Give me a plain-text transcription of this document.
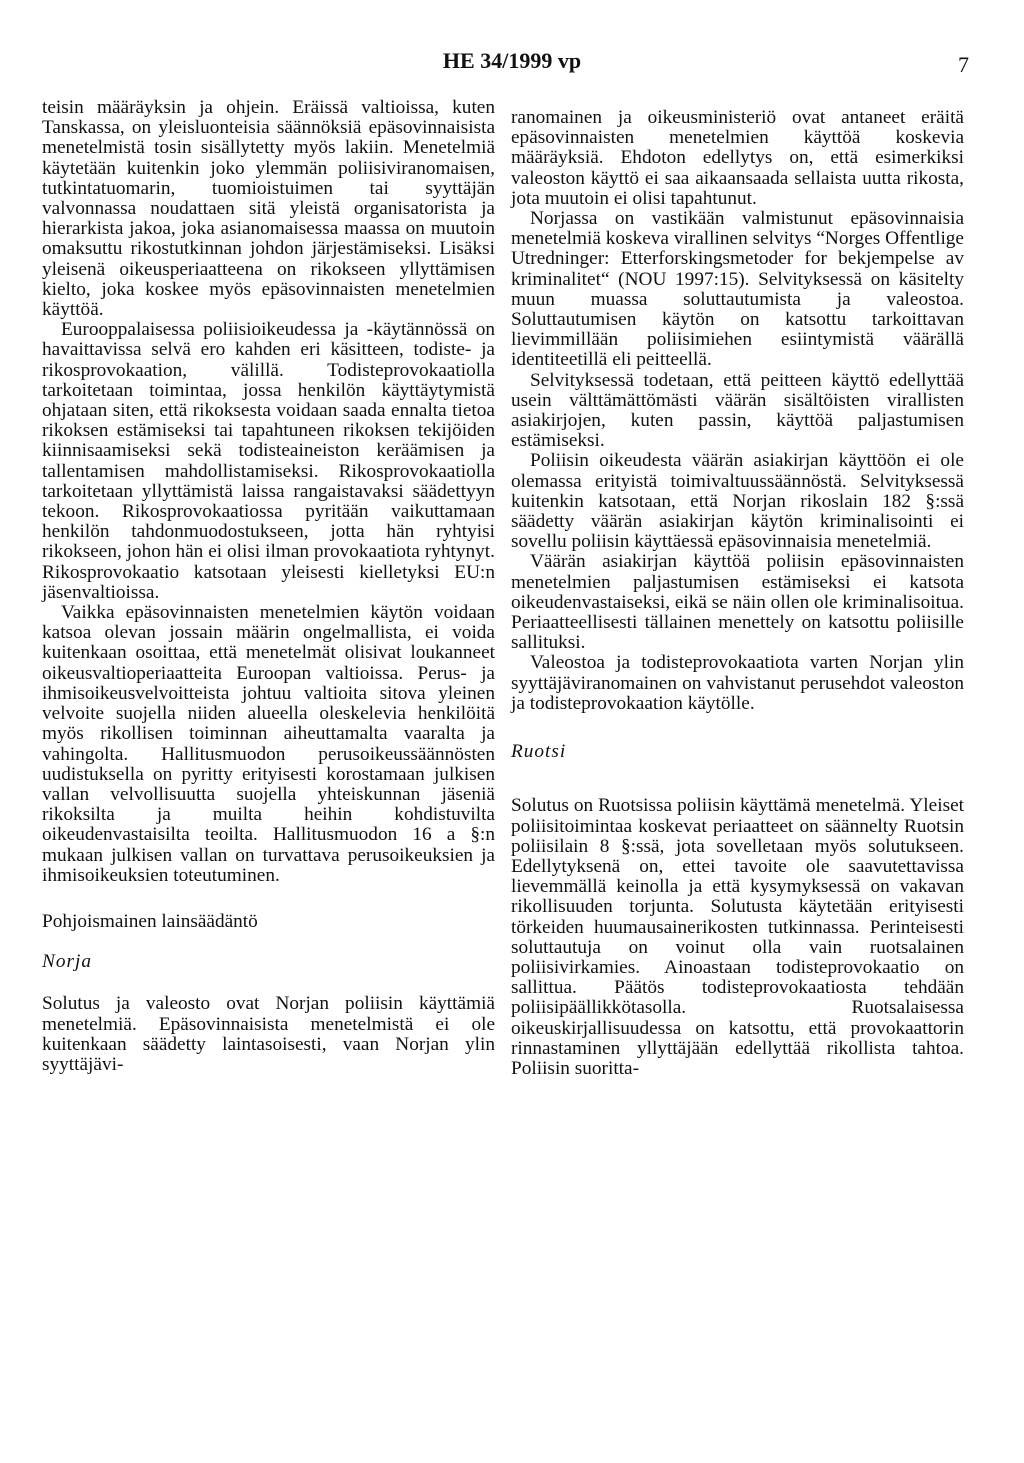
HE 34/1999 vp	7

teisin määräyksin ja ohjein. Eräissä valtioissa, kuten Tanskassa, on yleisluonteisia säännöksiä epäsovinnaisista menetelmistä tosin sisällytetty myös lakiin. Menetelmiä käytetään kuitenkin joko ylemmän poliisiviranomaisen, tutkintatuomarin, tuomioistuimen tai syyttäjän valvonnassa noudattaen sitä yleistä organisatorista ja hierarkista jakoa, joka asianomaisessa maassa on muutoin omaksuttu rikostutkinnan johdon järjestämiseksi. Lisäksi yleisenä oikeusperiaatteena on rikokseen yllyttämisen kielto, joka koskee myös epäsovinnaisten menetelmien käyttöä.

Eurooppalaisessa poliisioikeudessa ja -käytännössä on havaittavissa selvä ero kahden eri käsitteen, todiste- ja rikosprovokaation, välillä. Todisteprovokaatiolla tarkoitetaan toimintaa, jossa henkilön käyttäytymistä ohjataan siten, että rikoksesta voidaan saada ennalta tietoa rikoksen estämiseksi tai tapahtuneen rikoksen tekijöiden kiinnisaamiseksi sekä todisteaineiston keräämisen ja tallentamisen mahdollistamiseksi. Rikosprovokaatiolla tarkoitetaan yllyttämistä laissa rangaistavaksi säädettyyn tekoon. Rikosprovokaatiossa pyritään vaikuttamaan henkilön tahdonmuodostukseen, jotta hän ryhtyisi rikokseen, johon hän ei olisi ilman provokaatiota ryhtynyt. Rikosprovokaatio katsotaan yleisesti kielletyksi EU:n jäsenvaltioissa.

Vaikka epäsovinnaisten menetelmien käytön voidaan katsoa olevan jossain määrin ongelmallista, ei voida kuitenkaan osoittaa, että menetelmät olisivat loukanneet oikeusvaltioperiaatteita Euroopan valtioissa. Perus- ja ihmisoikeusvelvoitteista johtuu valtioita sitova yleinen velvoite suojella niiden alueella oleskelevia henkilöitä myös rikollisen toiminnan aiheuttamalta vaaralta ja vahingolta. Hallitusmuodon perusoikeussäännösten uudistuksella on pyritty erityisesti korostamaan julkisen vallan velvollisuutta suojella yhteiskunnan jäseniä rikoksilta ja muilta heihin kohdistuvilta oikeudenvastaisilta teoilta. Hallitusmuodon 16 a §:n mukaan julkisen vallan on turvattava perusoikeuksien ja ihmisoikeuksien toteutuminen.

Pohjoismainen lainsäädäntö

Norja

Solutus ja valeosto ovat Norjan poliisin käyttämiä menetelmiä. Epäsovinnaisista menetelmistä ei ole kuitenkaan säädetty laintasoisesti, vaan Norjan ylin syyttäjävi-

ranomainen ja oikeusministeriö ovat antaneet eräitä epäsovinnaisten menetelmien käyttöä koskevia määräyksiä. Ehdoton edellytys on, että esimerkiksi valeoston käyttö ei saa aikaansaada sellaista uutta rikosta, jota muutoin ei olisi tapahtunut.

Norjassa on vastikään valmistunut epäsovinnaisia menetelmiä koskeva virallinen selvitys “Norges Offentlige Utredninger: Etterforskingsmetoder for bekjempelse av kriminalitet“ (NOU 1997:15). Selvityksessä on käsitelty muun muassa soluttautumista ja valeostoa. Soluttautumisen käytön on katsottu tarkoittavan lievimmillään poliisimiehen esiintymistä väärällä identiteetillä eli peitteellä.

Selvityksessä todetaan, että peitteen käyttö edellyttää usein välttämättömästi väärän sisältöisten virallisten asiakirjojen, kuten passin, käyttöä paljastumisen estämiseksi.

Poliisin oikeudesta väärän asiakirjan käyttöön ei ole olemassa erityistä toimivaltuussäännöstä. Selvityksessä kuitenkin katsotaan, että Norjan rikoslain 182 §:ssä säädetty väärän asiakirjan käytön kriminalisointi ei sovellu poliisin käyttäessä epäsovinnaisia menetelmiä.

Väärän asiakirjan käyttöä poliisin epäsovinnaisten menetelmien paljastumisen estämiseksi ei katsota oikeudenvastaiseksi, eikä se näin ollen ole kriminalisoitua. Periaatteellisesti tällainen menettely on katsottu poliisille sallituksi.

Valeostoa ja todisteprovokaatiota varten Norjan ylin syyttäjäviranomainen on vahvistanut perusehdot valeoston ja todisteprovokaation käytölle.

Ruotsi

Solutus on Ruotsissa poliisin käyttämä menetelmä. Yleiset poliisitoimintaa koskevat periaatteet on säännelty Ruotsin poliisilain 8 §:ssä, jota sovelletaan myös solutukseen. Edellytyksenä on, ettei tavoite ole saavutettavissa lievemmällä keinolla ja että kysymyksessä on vakavan rikollisuuden torjunta. Solutusta käytetään erityisesti törkeiden huumausainerikosten tutkinnassa. Perinteisesti soluttautuja on voinut olla vain ruotsalainen poliisivirkamies. Ainoastaan todisteprovokaatio on sallittua. Päätös todisteprovokaatiosta tehdään poliisipäällikkötasolla. Ruotsalaisessa oikeuskirjallisuudessa on katsottu, että provokaattorin rinnastaminen yllyttäjään edellyttää rikollista tahtoa. Poliisin suoritta-
